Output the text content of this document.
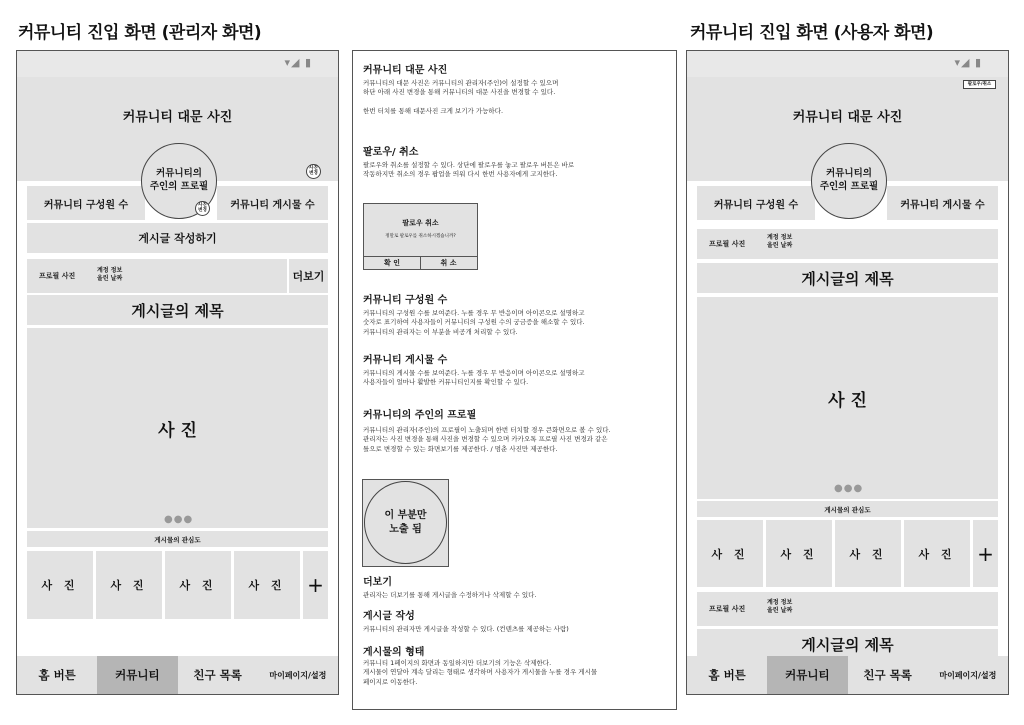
커뮤니티 진입 화면 (관리자 화면)	커뮤니티 진입 화면 (사용자 화면)
▾◢ ▮
커뮤니티 대문 사진
사진
변경
커뮤니티 구성원 수	커뮤니티 게시물 수
커뮤니티의
주인의 프로필
사진
변경
게시글 작성하기
프로필 사진
계정 정보
올린 날짜	더보기
게시글의 제목
사 진
●●●
게시물의 관심도
사 진	사 진	사 진	사 진	+
홈 버튼	커뮤니티	친구 목록	마이페이지/설정
커뮤니티 대문 사진
커뮤니티의 대문 사진은 커뮤니티의 관리자(주인)이 설정할 수 있으며
하단 아래 사진 변경을 통해 커뮤니티의 대문 사진을 변경할 수 있다.

한번 터치를 통해 대문사진 크게 보기가 가능하다.
팔로우/ 취소
팔로우와 취소를 설정할 수 있다. 상단에 팔로우를 놓고 팔로우 버튼은 바로
작동하지만 취소의 경우 팝업을 띄워 다시 한번 사용자에게 고지한다.
팔로우 취소
정말로 팔로우를 취소하시겠습니까?
확 인	취 소
커뮤니티 구성원 수
커뮤니티의 구성원 수를 보여준다. 누를 경우 무 반응이며 아이콘으로 설명하고
숫자로 표기하여 사용자들이 커뮤니티의 구성원 수의 궁금증을 해소할 수 있다.
커뮤니티의 관리자는 이 부분을 비공개 처리할 수 있다.
커뮤니티 게시물 수
커뮤니티의 게시물 수를 보여준다. 누를 경우 무 반응이며 아이콘으로 설명하고
사용자들이 얼마나 활발한 커뮤니티인지를 확인할 수 있다.
커뮤니티의 주인의 프로필
커뮤니티의 관리자(주인)의 프로필이 노출되며 한번 터치할 경우 큰화면으로 볼 수 있다.
관리자는 사진 변경을 통해 사진을 변경할 수 있으며 카카오톡 프로필 사진 변경과 같은
틀으로 변경할 수 있는 화면보기를 제공한다. / 멈춘 사진만 제공한다.
이 부분만
노출 됨
더보기
관리자는 더보기를 통해 게시글을 수정하거나 삭제할 수 있다.
게시글 작성
커뮤니티의 관리자만 게시글을 작성할 수 있다. (컨텐츠를 제공하는 사람)
게시물의 형태
커뮤니티 1페이지의 화면과 동일하지만 더보기의 기능은 삭제한다.
게시물이 연달아 계속 달리는 형태로 생각하며 사용자가 게시물을 누를 경우 게시물
페이지로 이동한다.
▾◢ ▮
커뮤니티 대문 사진
팔로우/취소
커뮤니티 구성원 수	커뮤니티 게시물 수
커뮤니티의
주인의 프로필
프로필 사진
계정 정보
올린 날짜
게시글의 제목
사 진
●●●
게시물의 관심도
사 진	사 진	사 진	사 진	+
프로필 사진
계정 정보
올린 날짜
게시글의 제목
홈 버튼	커뮤니티	친구 목록	마이페이지/설정
